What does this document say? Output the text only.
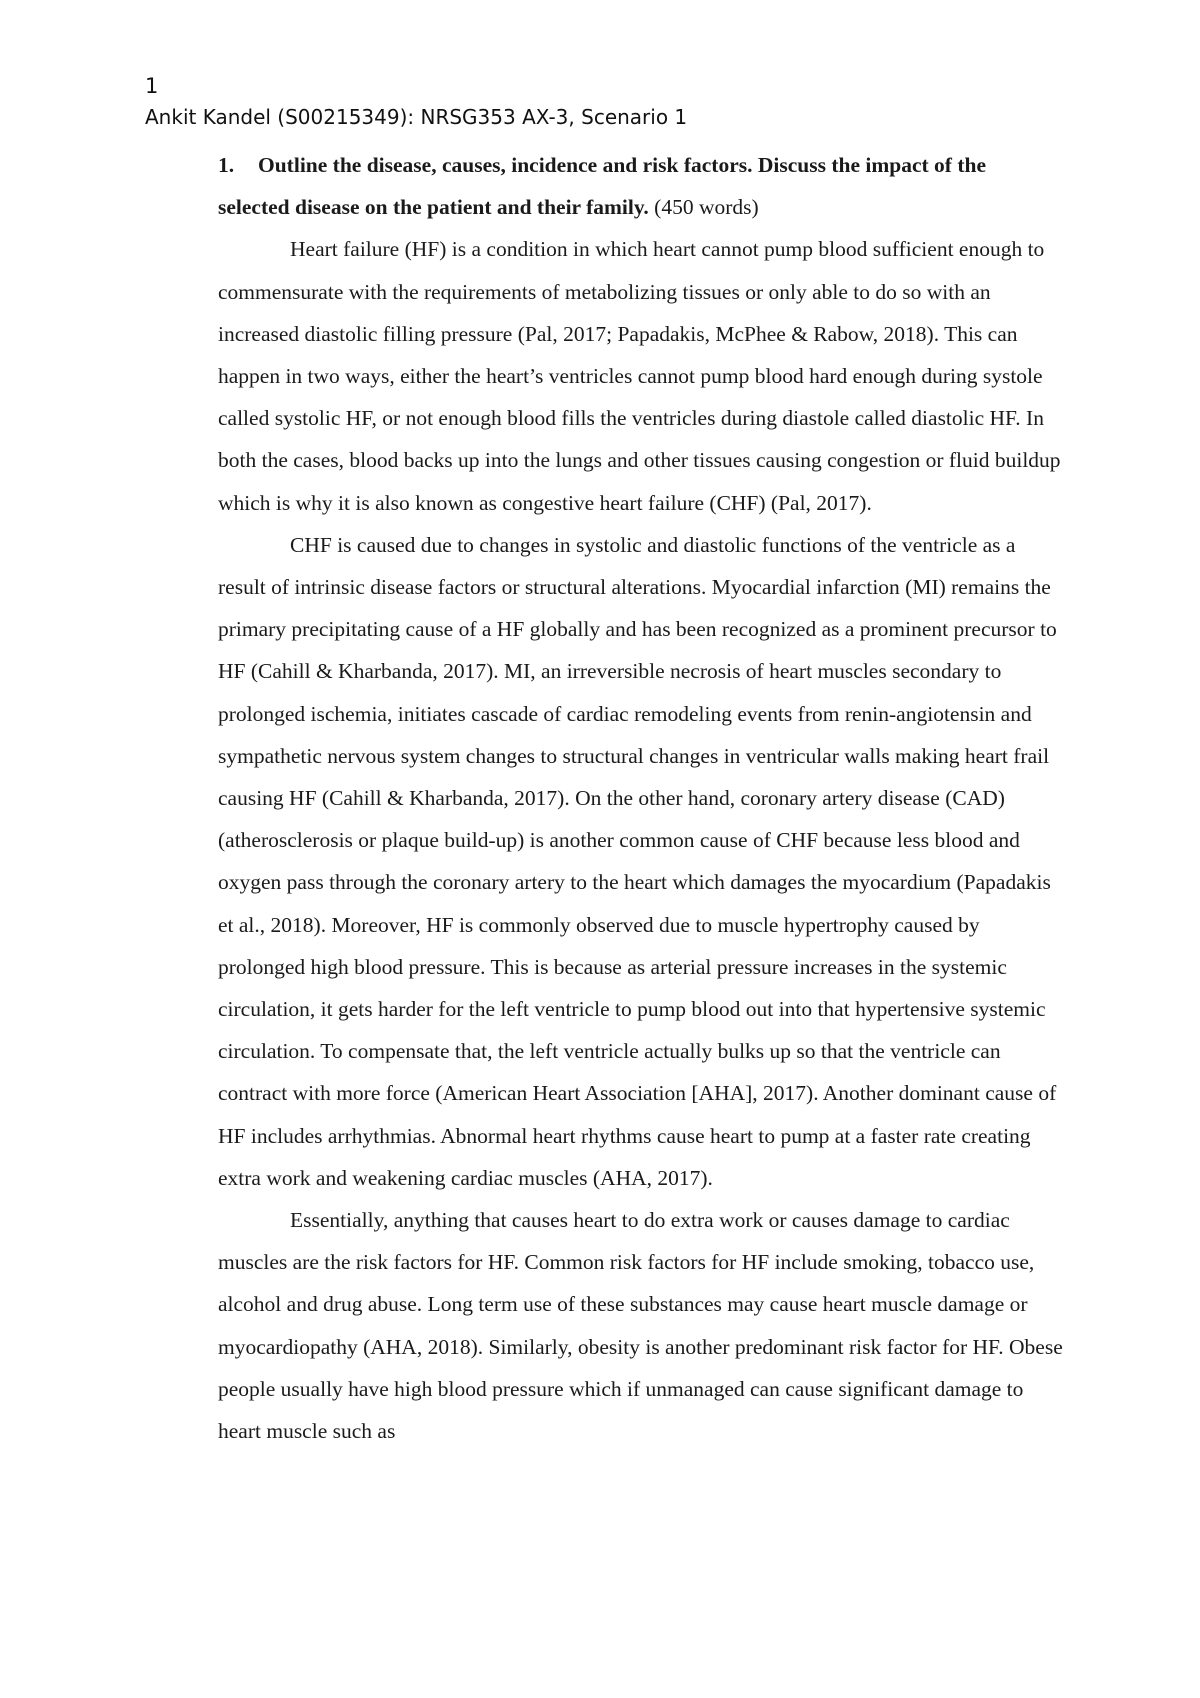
1
Ankit Kandel (S00215349): NRSG353 AX-3, Scenario 1

1. Outline the disease, causes, incidence and risk factors. Discuss the impact of the selected disease on the patient and their family. (450 words)

Heart failure (HF) is a condition in which heart cannot pump blood sufficient enough to commensurate with the requirements of metabolizing tissues or only able to do so with an increased diastolic filling pressure (Pal, 2017; Papadakis, McPhee & Rabow, 2018). This can happen in two ways, either the heart’s ventricles cannot pump blood hard enough during systole called systolic HF, or not enough blood fills the ventricles during diastole called diastolic HF. In both the cases, blood backs up into the lungs and other tissues causing congestion or fluid buildup which is why it is also known as congestive heart failure (CHF) (Pal, 2017).

CHF is caused due to changes in systolic and diastolic functions of the ventricle as a result of intrinsic disease factors or structural alterations. Myocardial infarction (MI) remains the primary precipitating cause of a HF globally and has been recognized as a prominent precursor to HF (Cahill & Kharbanda, 2017). MI, an irreversible necrosis of heart muscles secondary to prolonged ischemia, initiates cascade of cardiac remodeling events from renin-angiotensin and sympathetic nervous system changes to structural changes in ventricular walls making heart frail causing HF (Cahill & Kharbanda, 2017). On the other hand, coronary artery disease (CAD) (atherosclerosis or plaque build-up) is another common cause of CHF because less blood and oxygen pass through the coronary artery to the heart which damages the myocardium (Papadakis et al., 2018). Moreover, HF is commonly observed due to muscle hypertrophy caused by prolonged high blood pressure. This is because as arterial pressure increases in the systemic circulation, it gets harder for the left ventricle to pump blood out into that hypertensive systemic circulation. To compensate that, the left ventricle actually bulks up so that the ventricle can contract with more force (American Heart Association [AHA], 2017). Another dominant cause of HF includes arrhythmias. Abnormal heart rhythms cause heart to pump at a faster rate creating extra work and weakening cardiac muscles (AHA, 2017).

Essentially, anything that causes heart to do extra work or causes damage to cardiac muscles are the risk factors for HF. Common risk factors for HF include smoking, tobacco use, alcohol and drug abuse. Long term use of these substances may cause heart muscle damage or myocardiopathy (AHA, 2018). Similarly, obesity is another predominant risk factor for HF. Obese people usually have high blood pressure which if unmanaged can cause significant damage to heart muscle such as
